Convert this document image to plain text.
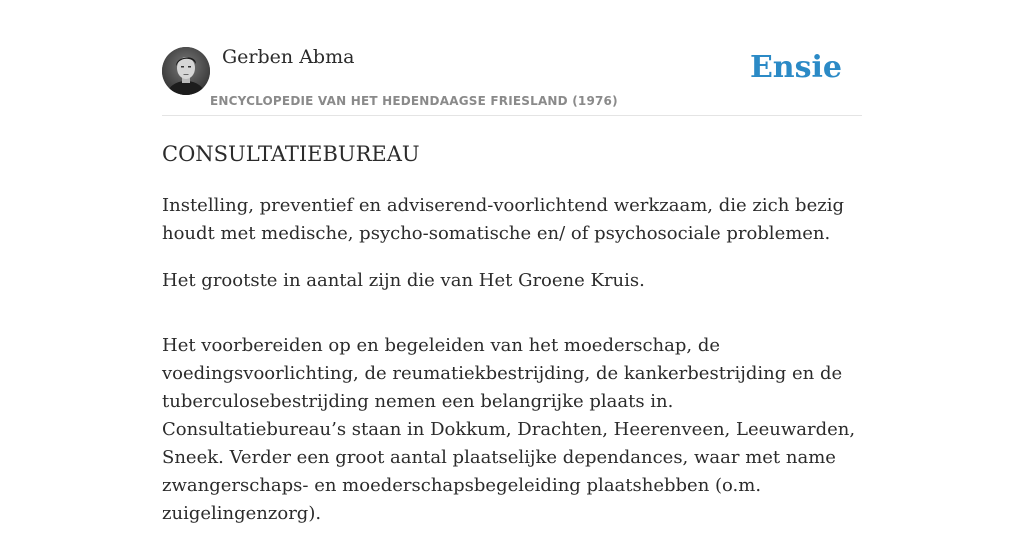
Gerben Abma
ENCYCLOPEDIE VAN HET HEDENDAAGSE FRIESLAND (1976)
Ensie
CONSULTATIEBUREAU

Instelling, preventief en adviserend-voorlichtend werkzaam, die zich bezig houdt met medische, psycho-somatische en/ of psychosociale problemen.

Het grootste in aantal zijn die van Het Groene Kruis.

Het voorbereiden op en begeleiden van het moederschap, de voedingsvoorlichting, de reumatiekbestrijding, de kankerbestrijding en de tuberculosebestrijding nemen een belangrijke plaats in. Consultatiebureau’s staan in Dokkum, Drachten, Heerenveen, Leeuwarden, Sneek. Verder een groot aantal plaatselijke dependances, waar met name zwangerschaps- en moederschapsbegeleiding plaatshebben (o.m. zuigelingenzorg).
